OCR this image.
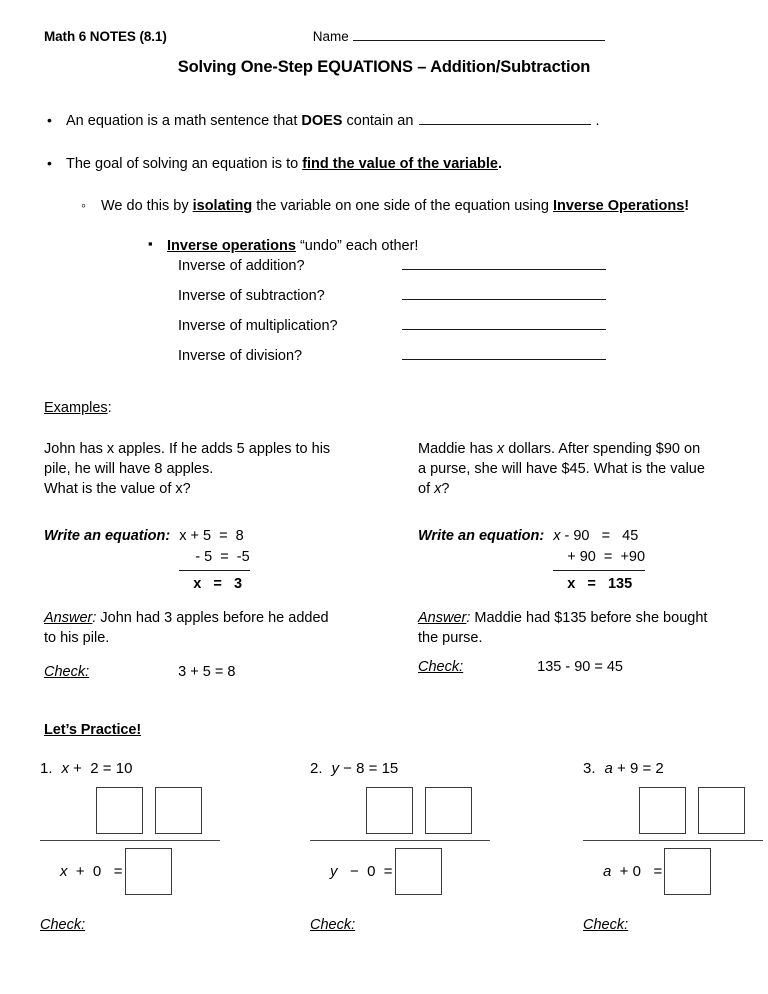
Math 6 NOTES (8.1)	Name
Solving One-Step EQUATIONS – Addition/Subtraction
• An equation is a math sentence that DOES contain an	.
• The goal of solving an equation is to find the value of the variable.
◦ We do this by isolating the variable on one side of the equation using Inverse Operations!
▪ Inverse operations “undo” each other!
Inverse of addition?
Inverse of subtraction?
Inverse of multiplication?
Inverse of division?
Examples:
John has x apples. If he adds 5 apples to his
pile, he will have 8 apples.
What is the value of x?
Write an equation: x + 5  =  8
- 5  =  -5
x   =   3
Answer: John had 3 apples before he added
to his pile.
Check:	3 + 5 = 8
Maddie has x dollars. After spending $90 on
a purse, she will have $45. What is the value
of x?
Write an equation: x - 90   =   45
+ 90  =  +90
x   =   135
Answer: Maddie had $135 before she bought
the purse.
Check:	135 - 90 = 45
Let’s Practice!
1. x +  2 = 10
x  +  0   =
Check:
2. y − 8 = 15
y   −  0  =
Check:
3. a + 9 = 2
a  + 0   =
Check:
